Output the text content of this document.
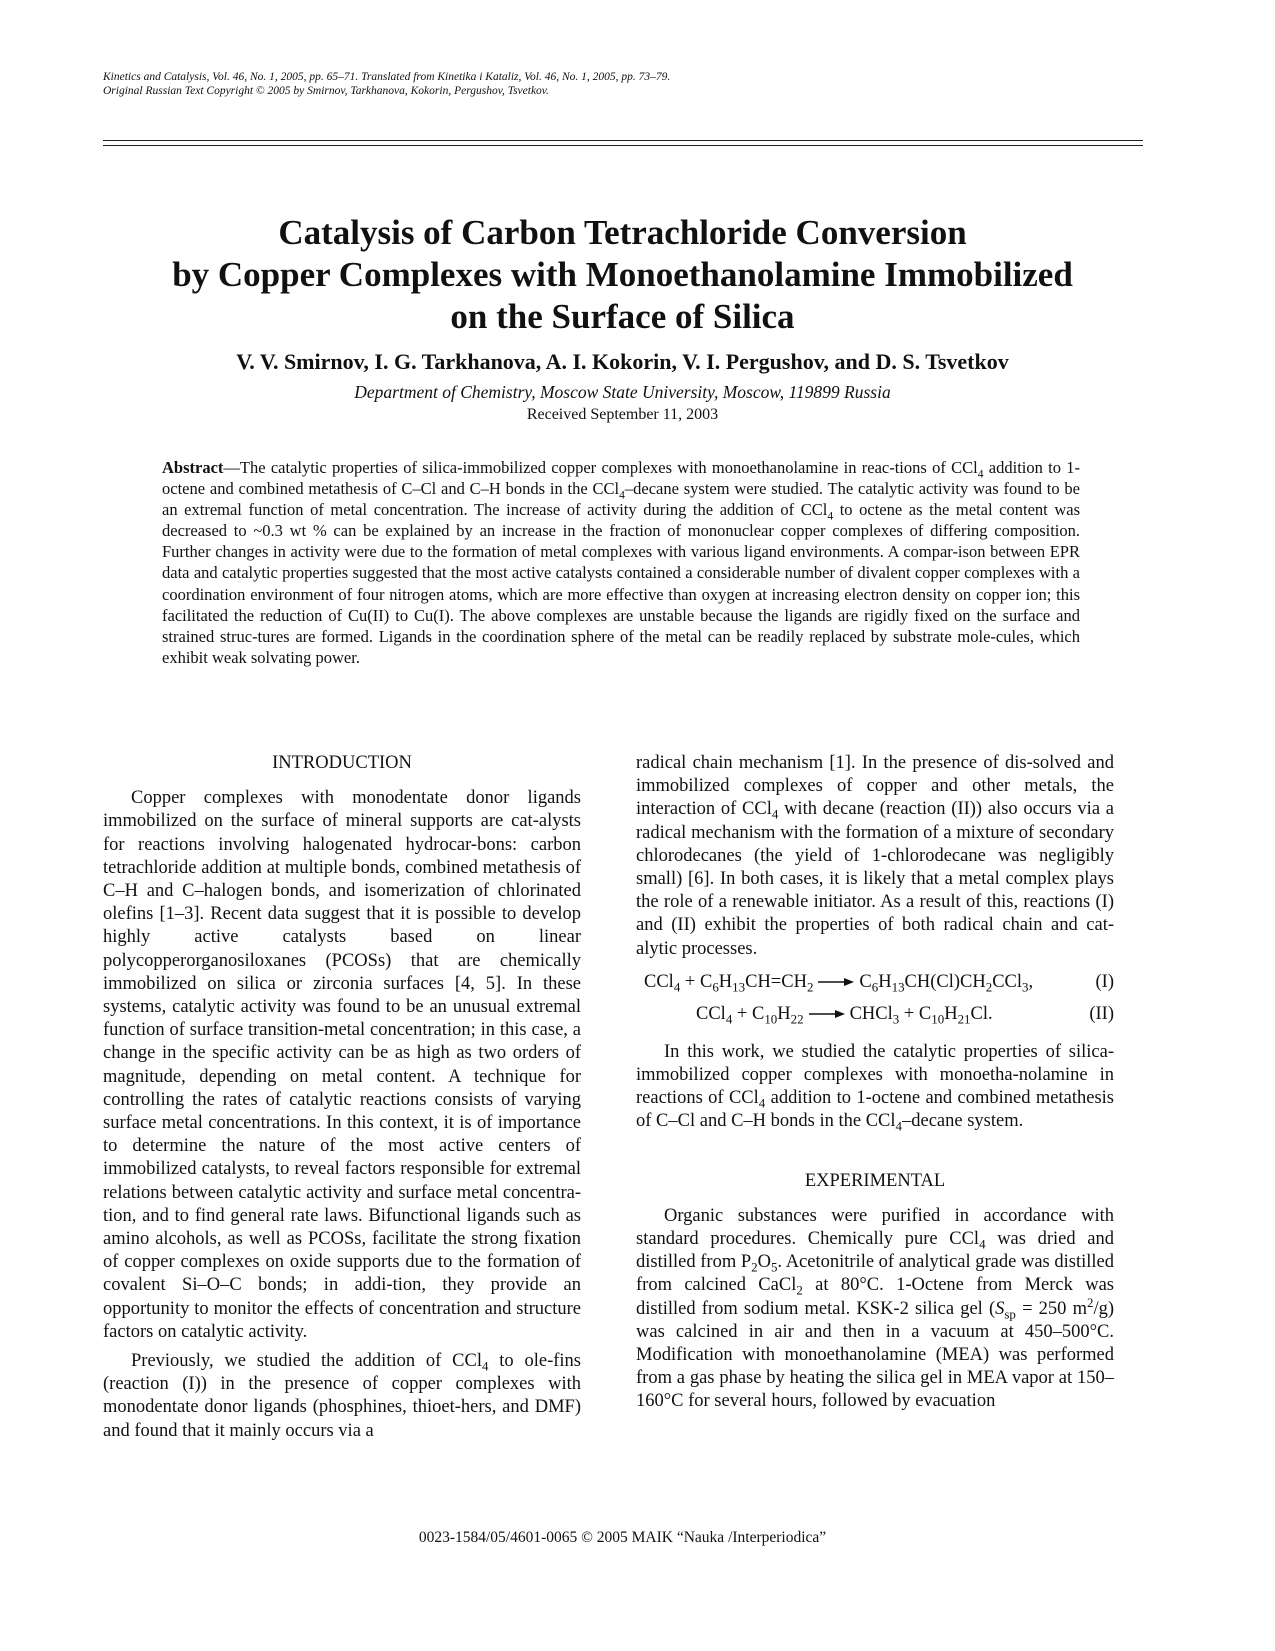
Kinetics and Catalysis, Vol. 46, No. 1, 2005, pp. 65–71. Translated from Kinetika i Kataliz, Vol. 46, No. 1, 2005, pp. 73–79.
Original Russian Text Copyright © 2005 by Smirnov, Tarkhanova, Kokorin, Pergushov, Tsvetkov.
Catalysis of Carbon Tetrachloride Conversion
by Copper Complexes with Monoethanolamine Immobilized
on the Surface of Silica
V. V. Smirnov, I. G. Tarkhanova, A. I. Kokorin, V. I. Pergushov, and D. S. Tsvetkov
Department of Chemistry, Moscow State University, Moscow, 119899 Russia
Received September 11, 2003
Abstract—The catalytic properties of silica-immobilized copper complexes with monoethanolamine in reac-tions of CCl$_4$ addition to 1-octene and combined metathesis of C–Cl and C–H bonds in the CCl$_4$–decane system were studied. The catalytic activity was found to be an extremal function of metal concentration. The increase of activity during the addition of CCl$_4$ to octene as the metal content was decreased to ~0.3 wt % can be explained by an increase in the fraction of mononuclear copper complexes of differing composition. Further changes in activity were due to the formation of metal complexes with various ligand environments. A compar-ison between EPR data and catalytic properties suggested that the most active catalysts contained a considerable number of divalent copper complexes with a coordination environment of four nitrogen atoms, which are more effective than oxygen at increasing electron density on copper ion; this facilitated the reduction of Cu(II) to Cu(I). The above complexes are unstable because the ligands are rigidly fixed on the surface and strained struc-tures are formed. Ligands in the coordination sphere of the metal can be readily replaced by substrate mole-cules, which exhibit weak solvating power.
INTRODUCTION

Copper complexes with monodentate donor ligands immobilized on the surface of mineral supports are cat-alysts for reactions involving halogenated hydrocar-bons: carbon tetrachloride addition at multiple bonds, combined metathesis of C–H and C–halogen bonds, and isomerization of chlorinated olefins [1–3]. Recent data suggest that it is possible to develop highly active catalysts based on linear polycopperorganosiloxanes (PCOSs) that are chemically immobilized on silica or zirconia surfaces [4, 5]. In these systems, catalytic activity was found to be an unusual extremal function of surface transition-metal concentration; in this case, a change in the specific activity can be as high as two orders of magnitude, depending on metal content. A technique for controlling the rates of catalytic reactions consists of varying surface metal concentrations. In this context, it is of importance to determine the nature of the most active centers of immobilized catalysts, to reveal factors responsible for extremal relations between catalytic activity and surface metal concentra-tion, and to find general rate laws. Bifunctional ligands such as amino alcohols, as well as PCOSs, facilitate the strong fixation of copper complexes on oxide supports due to the formation of covalent Si–O–C bonds; in addi-tion, they provide an opportunity to monitor the effects of concentration and structure factors on catalytic activity.

Previously, we studied the addition of CCl$_4$ to ole-fins (reaction (I)) in the presence of copper complexes with monodentate donor ligands (phosphines, thioet-hers, and DMF) and found that it mainly occurs via a

radical chain mechanism [1]. In the presence of dis-solved and immobilized complexes of copper and other metals, the interaction of CCl$_4$ with decane (reaction (II)) also occurs via a radical mechanism with the formation of a mixture of secondary chlorodecanes (the yield of 1-chlorodecane was negligibly small) [6]. In both cases, it is likely that a metal complex plays the role of a renewable initiator. As a result of this, reactions (I) and (II) exhibit the properties of both radical chain and cat-alytic processes.

$CCl_4 + C_6H_{13}CH=CH_2 \to C_6H_{13}CH(Cl)CH_2CCl_3$,	(I)
$CCl_4 + C_{10}H_{22}$ → CHCl$_3$ + $C_{10}H_{21}Cl$.	(II)

In this work, we studied the catalytic properties of silica-immobilized copper complexes with monoetha-nolamine in reactions of CCl$_4$ addition to 1-octene and combined metathesis of C–Cl and C–H bonds in the CCl$_4$–decane system.

EXPERIMENTAL

Organic substances were purified in accordance with standard procedures. Chemically pure CCl$_4$ was dried and distilled from $P_2O_5$. Acetonitrile of analytical grade was distilled from calcined CaCl$_2$ at 80°C. 1-Octene from Merck was distilled from sodium metal. KSK-2 silica gel ($S_{sp} = 250$ $m^2/g$) was calcined in air and then in a vacuum at 450–500°C. Modification with monoethanolamine (MEA) was performed from a gas phase by heating the silica gel in MEA vapor at 150–160°C for several hours, followed by evacuation

0023-1584/05/4601-0065 © 2005 MAIK “Nauka /Interperiodica”
